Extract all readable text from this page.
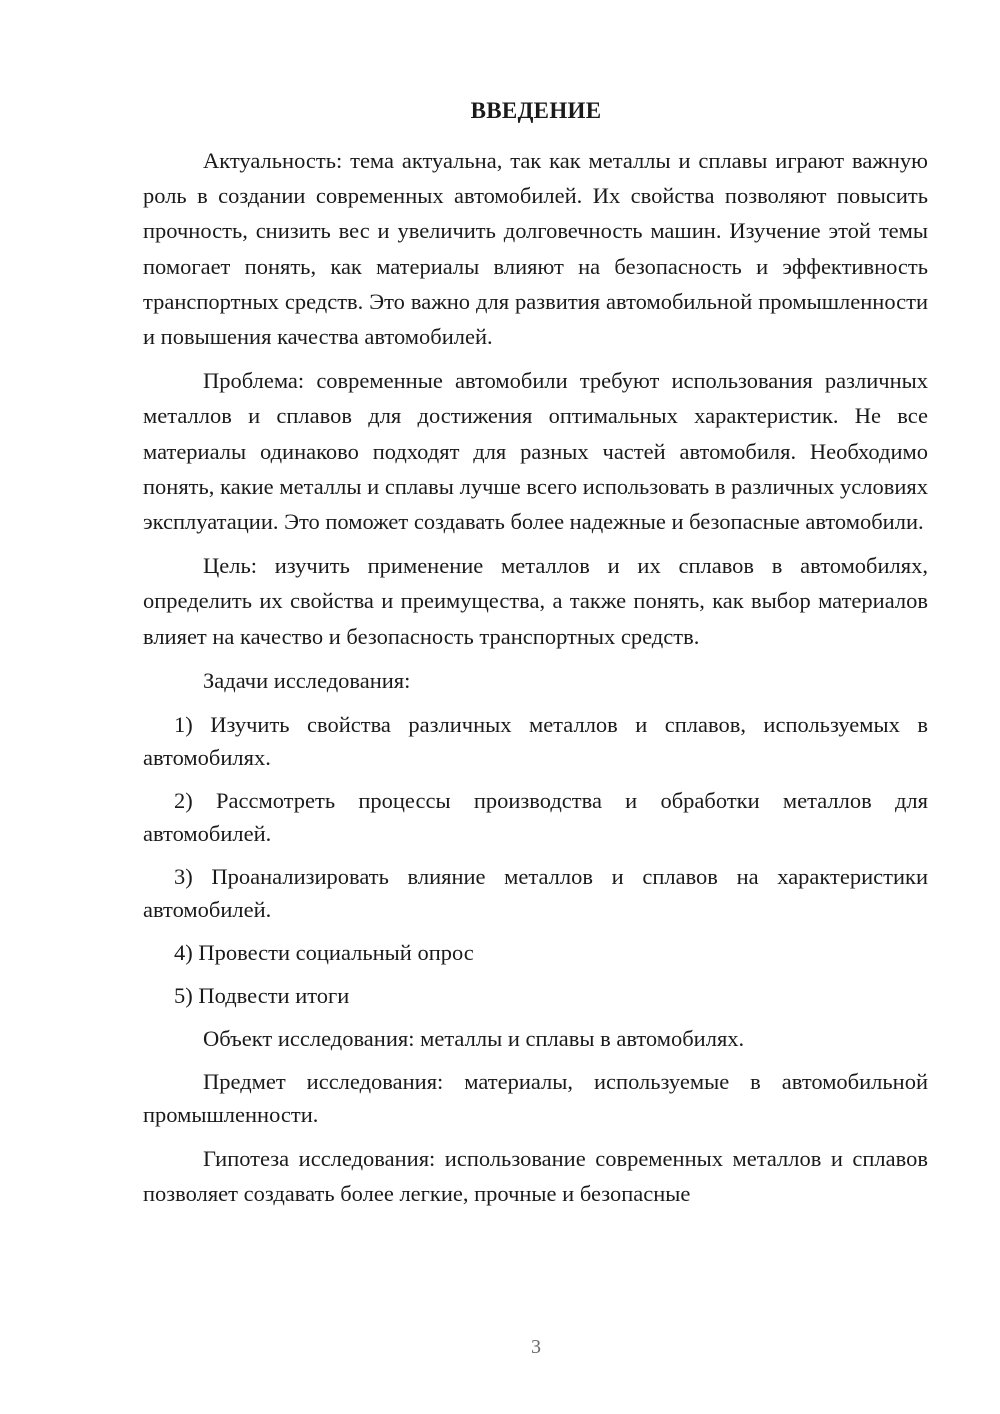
ВВЕДЕНИЕ

Актуальность: тема актуальна, так как металлы и сплавы играют важную роль в создании современных автомобилей. Их свойства позволяют повысить прочность, снизить вес и увеличить долговечность машин. Изучение этой темы помогает понять, как материалы влияют на безопасность и эффективность транспортных средств. Это важно для развития автомобильной промышленности и повышения качества автомобилей.

Проблема: современные автомобили требуют использования различных металлов и сплавов для достижения оптимальных характеристик. Не все материалы одинаково подходят для разных частей автомобиля. Необходимо понять, какие металлы и сплавы лучше всего использовать в различных условиях эксплуатации. Это поможет создавать более надежные и безопасные автомобили.

Цель: изучить применение металлов и их сплавов в автомобилях, определить их свойства и преимущества, а также понять, как выбор материалов влияет на качество и безопасность транспортных средств.

Задачи исследования:

1) Изучить свойства различных металлов и сплавов, используемых в автомобилях.

2) Рассмотреть процессы производства и обработки металлов для автомобилей.

3) Проанализировать влияние металлов и сплавов на характеристики автомобилей.

4) Провести социальный опрос

5) Подвести итоги

Объект исследования: металлы и сплавы в автомобилях.

Предмет исследования: материалы, используемые в автомобильной промышленности.

Гипотеза исследования: использование современных металлов и сплавов позволяет создавать более легкие, прочные и безопасные

3
